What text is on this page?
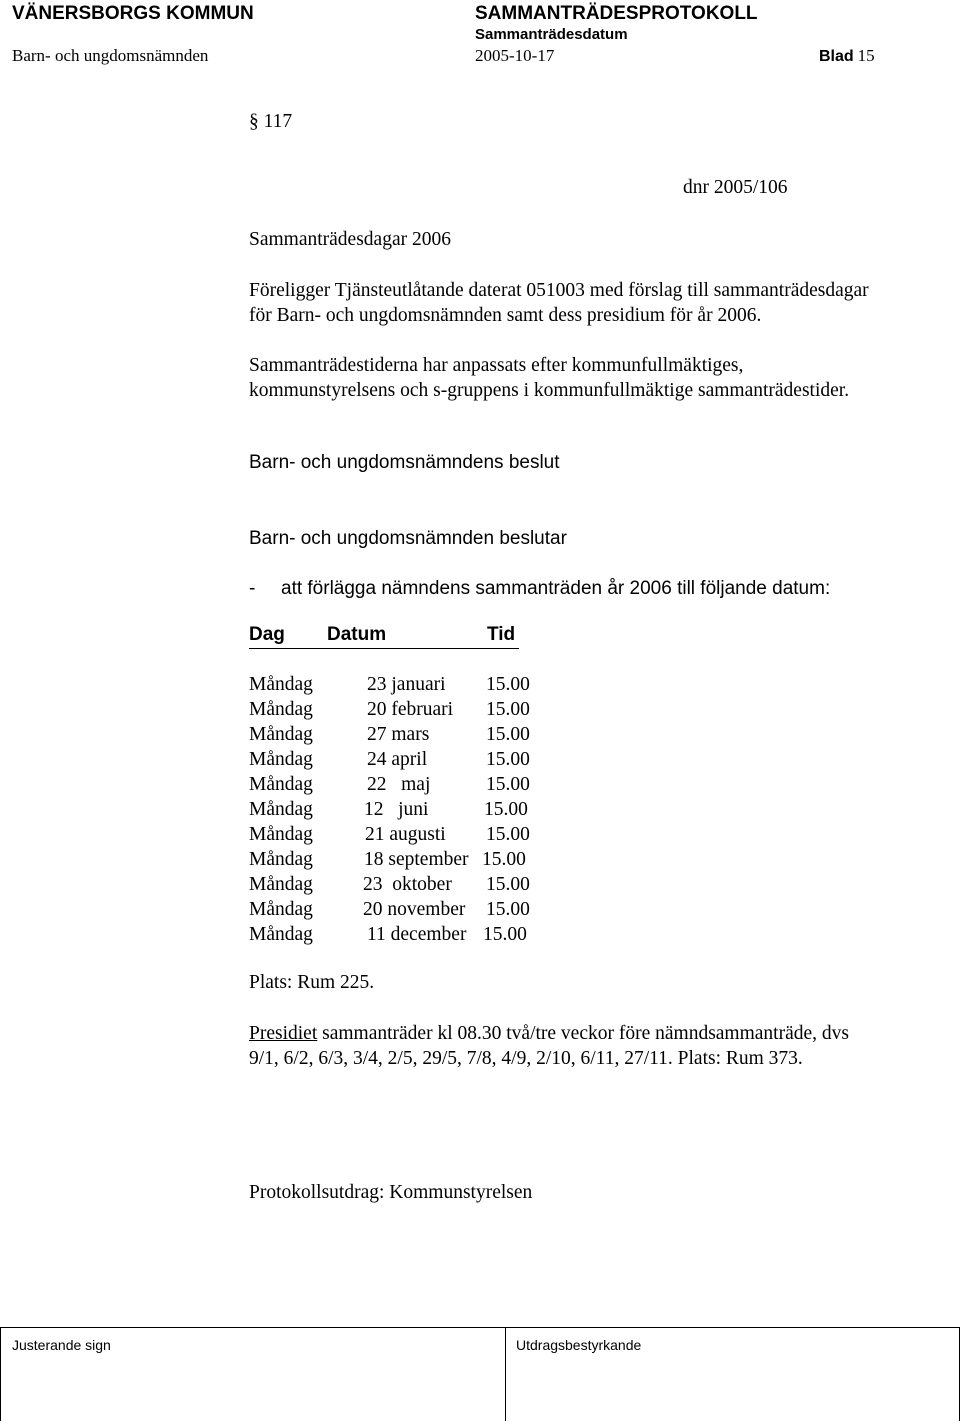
VÄNERSBORGS KOMMUN	SAMMANTRÄDESPROTOKOLL
Sammanträdesdatum
Barn- och ungdomsnämnden	2005-10-17	Blad 15
§ 117
dnr 2005/106
Sammanträdesdagar 2006
Föreligger Tjänsteutlåtande daterat 051003 med förslag till sammanträdesdagar
för Barn- och ungdomsnämnden samt dess presidium för år 2006.
Sammanträdestiderna har anpassats efter kommunfullmäktiges,
kommunstyrelsens och s-gruppens i kommunfullmäktige sammanträdestider.
Barn- och ungdomsnämndens beslut
Barn- och ungdomsnämnden beslutar
- att förlägga nämndens sammanträden år 2006 till följande datum:
Dag Datum	Tid
Måndag	23 januari 15.00
Måndag	20 februari 15.00
Måndag	27 mars	15.00
Måndag	24 april	15.00
Måndag	22   maj	15.00
Måndag	12   juni	15.00
Måndag	21 augusti 15.00
Måndag	18 september 15.00
Måndag	23  oktober 15.00
Måndag	20 november 15.00
Måndag	11 december 15.00
Plats: Rum 225.
Presidiet sammanträder kl 08.30 två/tre veckor före nämndsammanträde, dvs
9/1, 6/2, 6/3, 3/4, 2/5, 29/5, 7/8, 4/9, 2/10, 6/11, 27/11. Plats: Rum 373.
Protokollsutdrag: Kommunstyrelsen
Justerande sign	Utdragsbestyrkande
